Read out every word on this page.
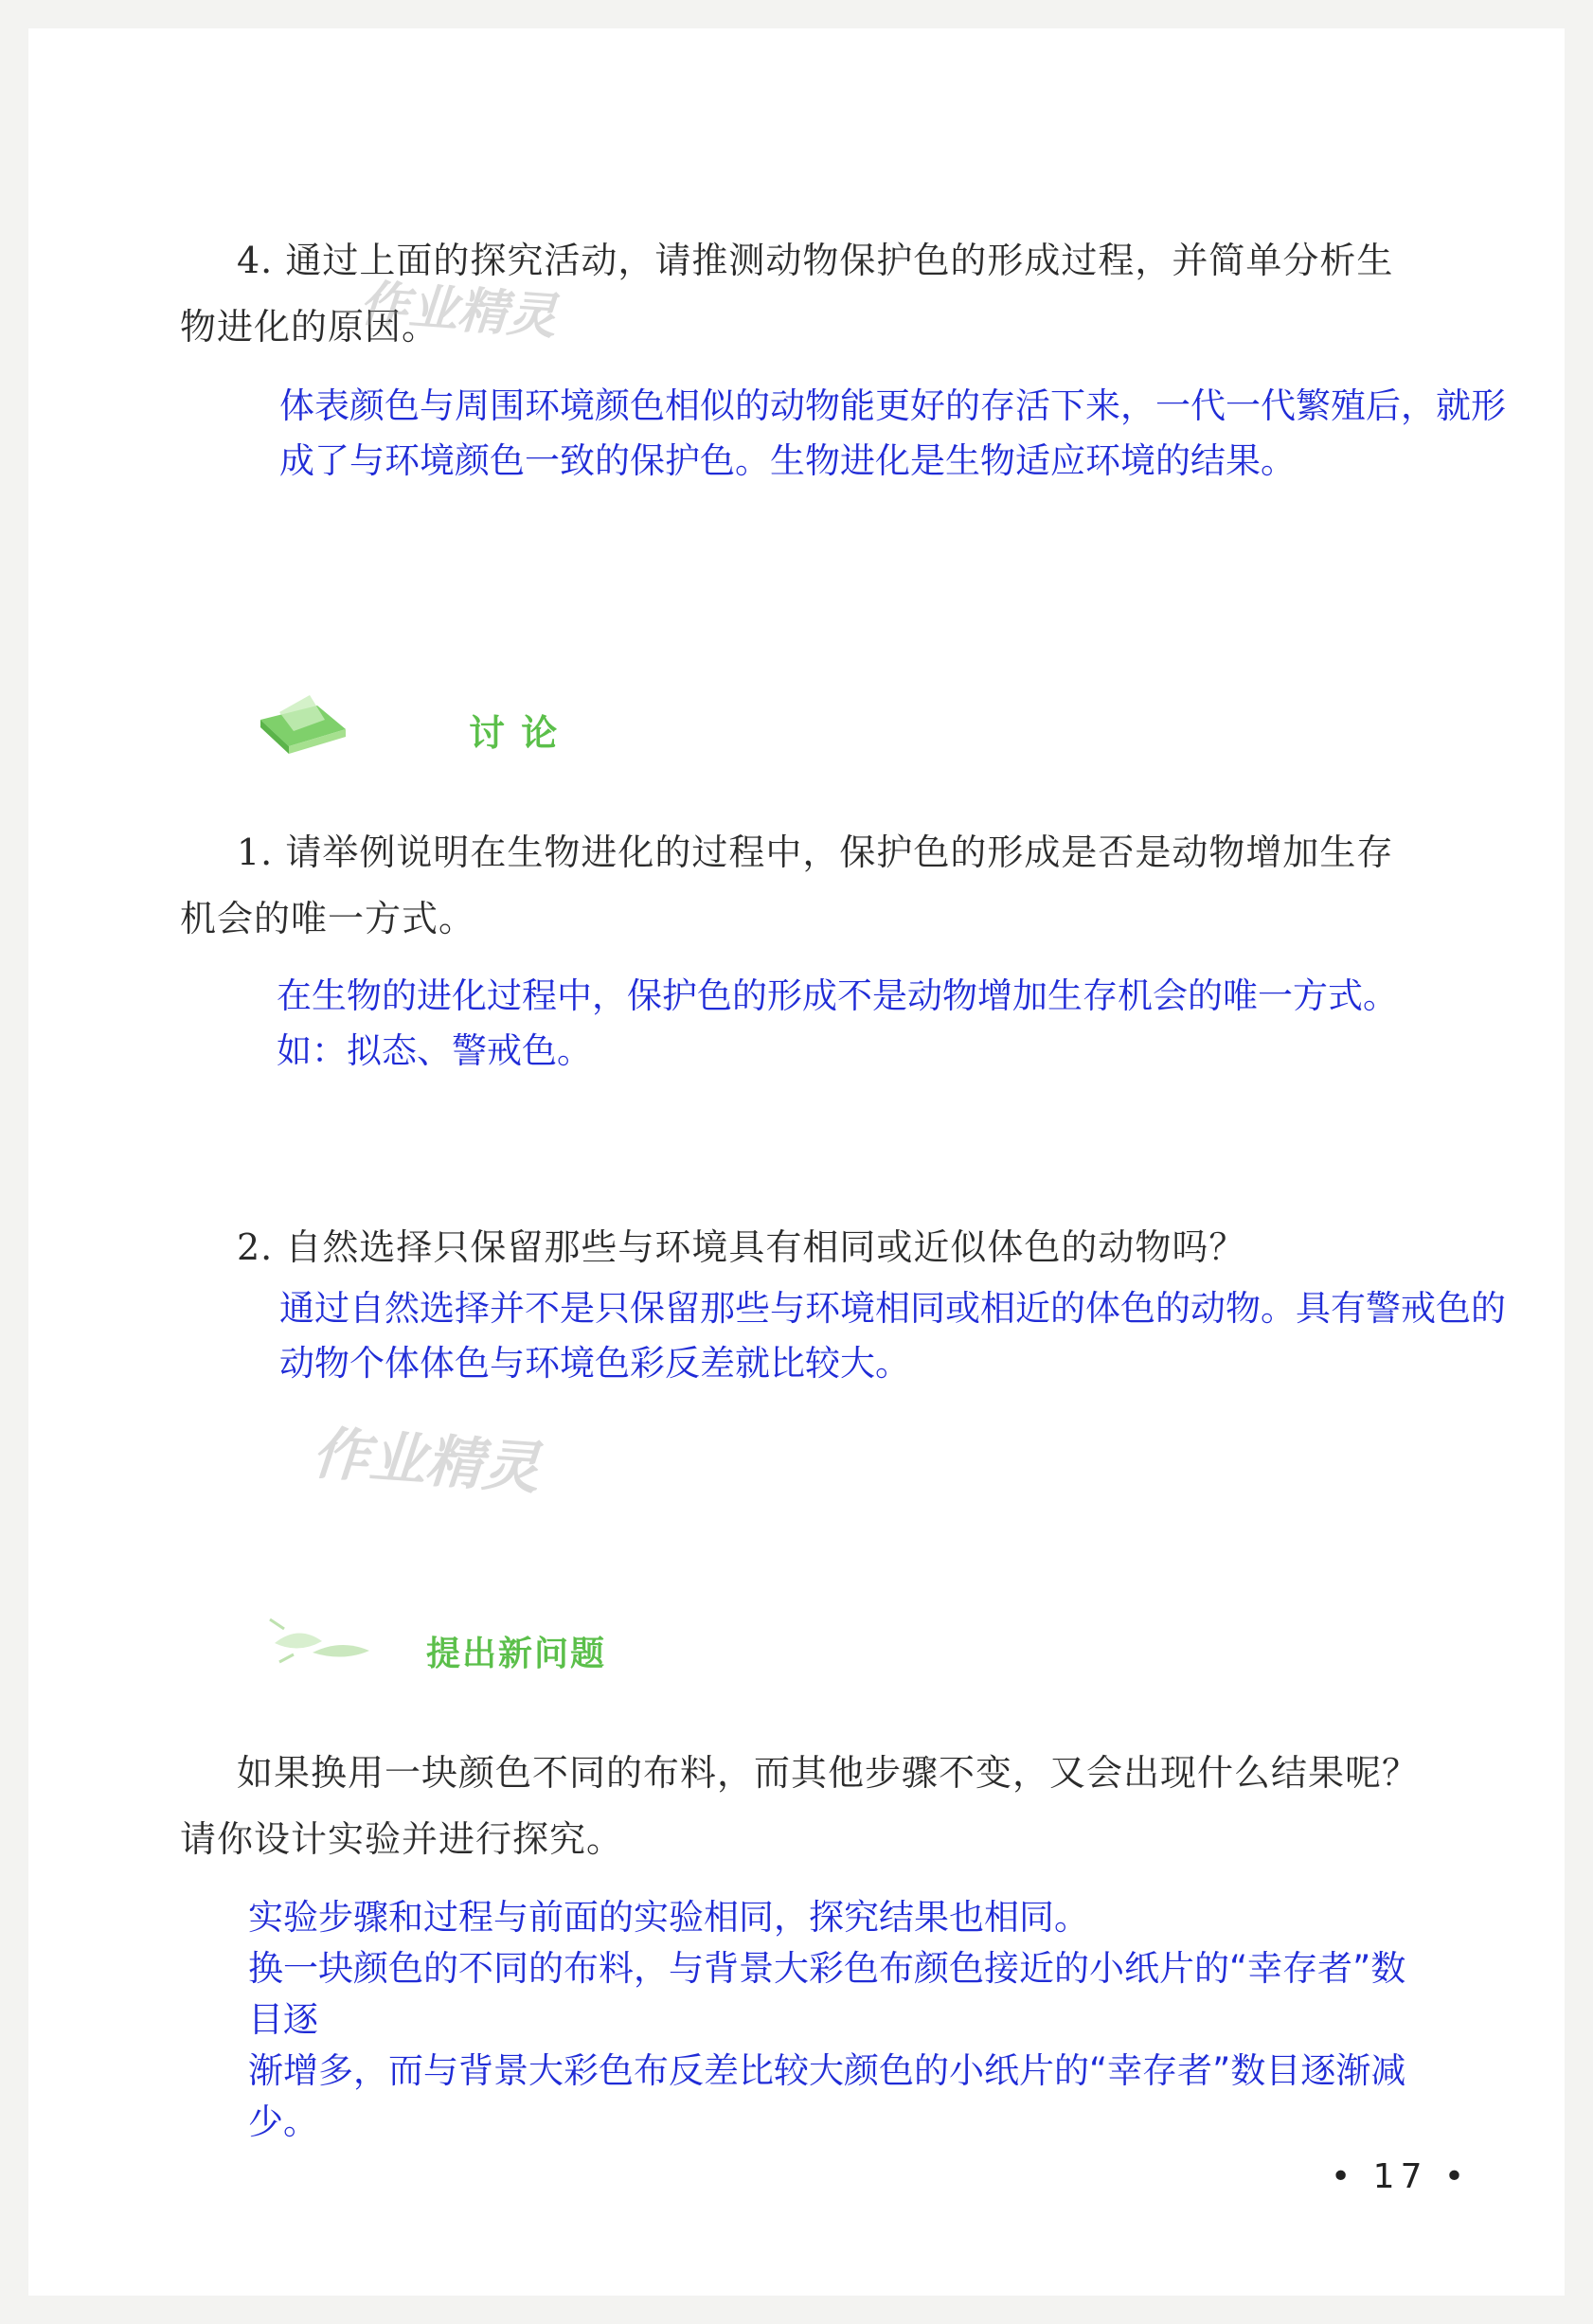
4. 通过上面的探究活动，请推测动物保护色的形成过程，并简单分析生

物进化的原因。

作业精灵

体表颜色与周围环境颜色相似的动物能更好的存活下来，一代一代繁殖后，就形

成了与环境颜色一致的保护色。生物进化是生物适应环境的结果。

讨 论

1. 请举例说明在生物进化的过程中，保护色的形成是否是动物增加生存

机会的唯一方式。

在生物的进化过程中，保护色的形成不是动物增加生存机会的唯一方式。

如：拟态、警戒色。

2. 自然选择只保留那些与环境具有相同或近似体色的动物吗？

通过自然选择并不是只保留那些与环境相同或相近的体色的动物。具有警戒色的

动物个体体色与环境色彩反差就比较大。

作业精灵
提出新问题

如果换用一块颜色不同的布料，而其他步骤不变，又会出现什么结果呢？

请你设计实验并进行探究。

实验步骤和过程与前面的实验相同，探究结果也相同。

换一块颜色的不同的布料，与背景大彩色布颜色接近的小纸片的“幸存者”数

目逐

渐增多，而与背景大彩色布反差比较大颜色的小纸片的“幸存者”数目逐渐减

少。

• 17 •
